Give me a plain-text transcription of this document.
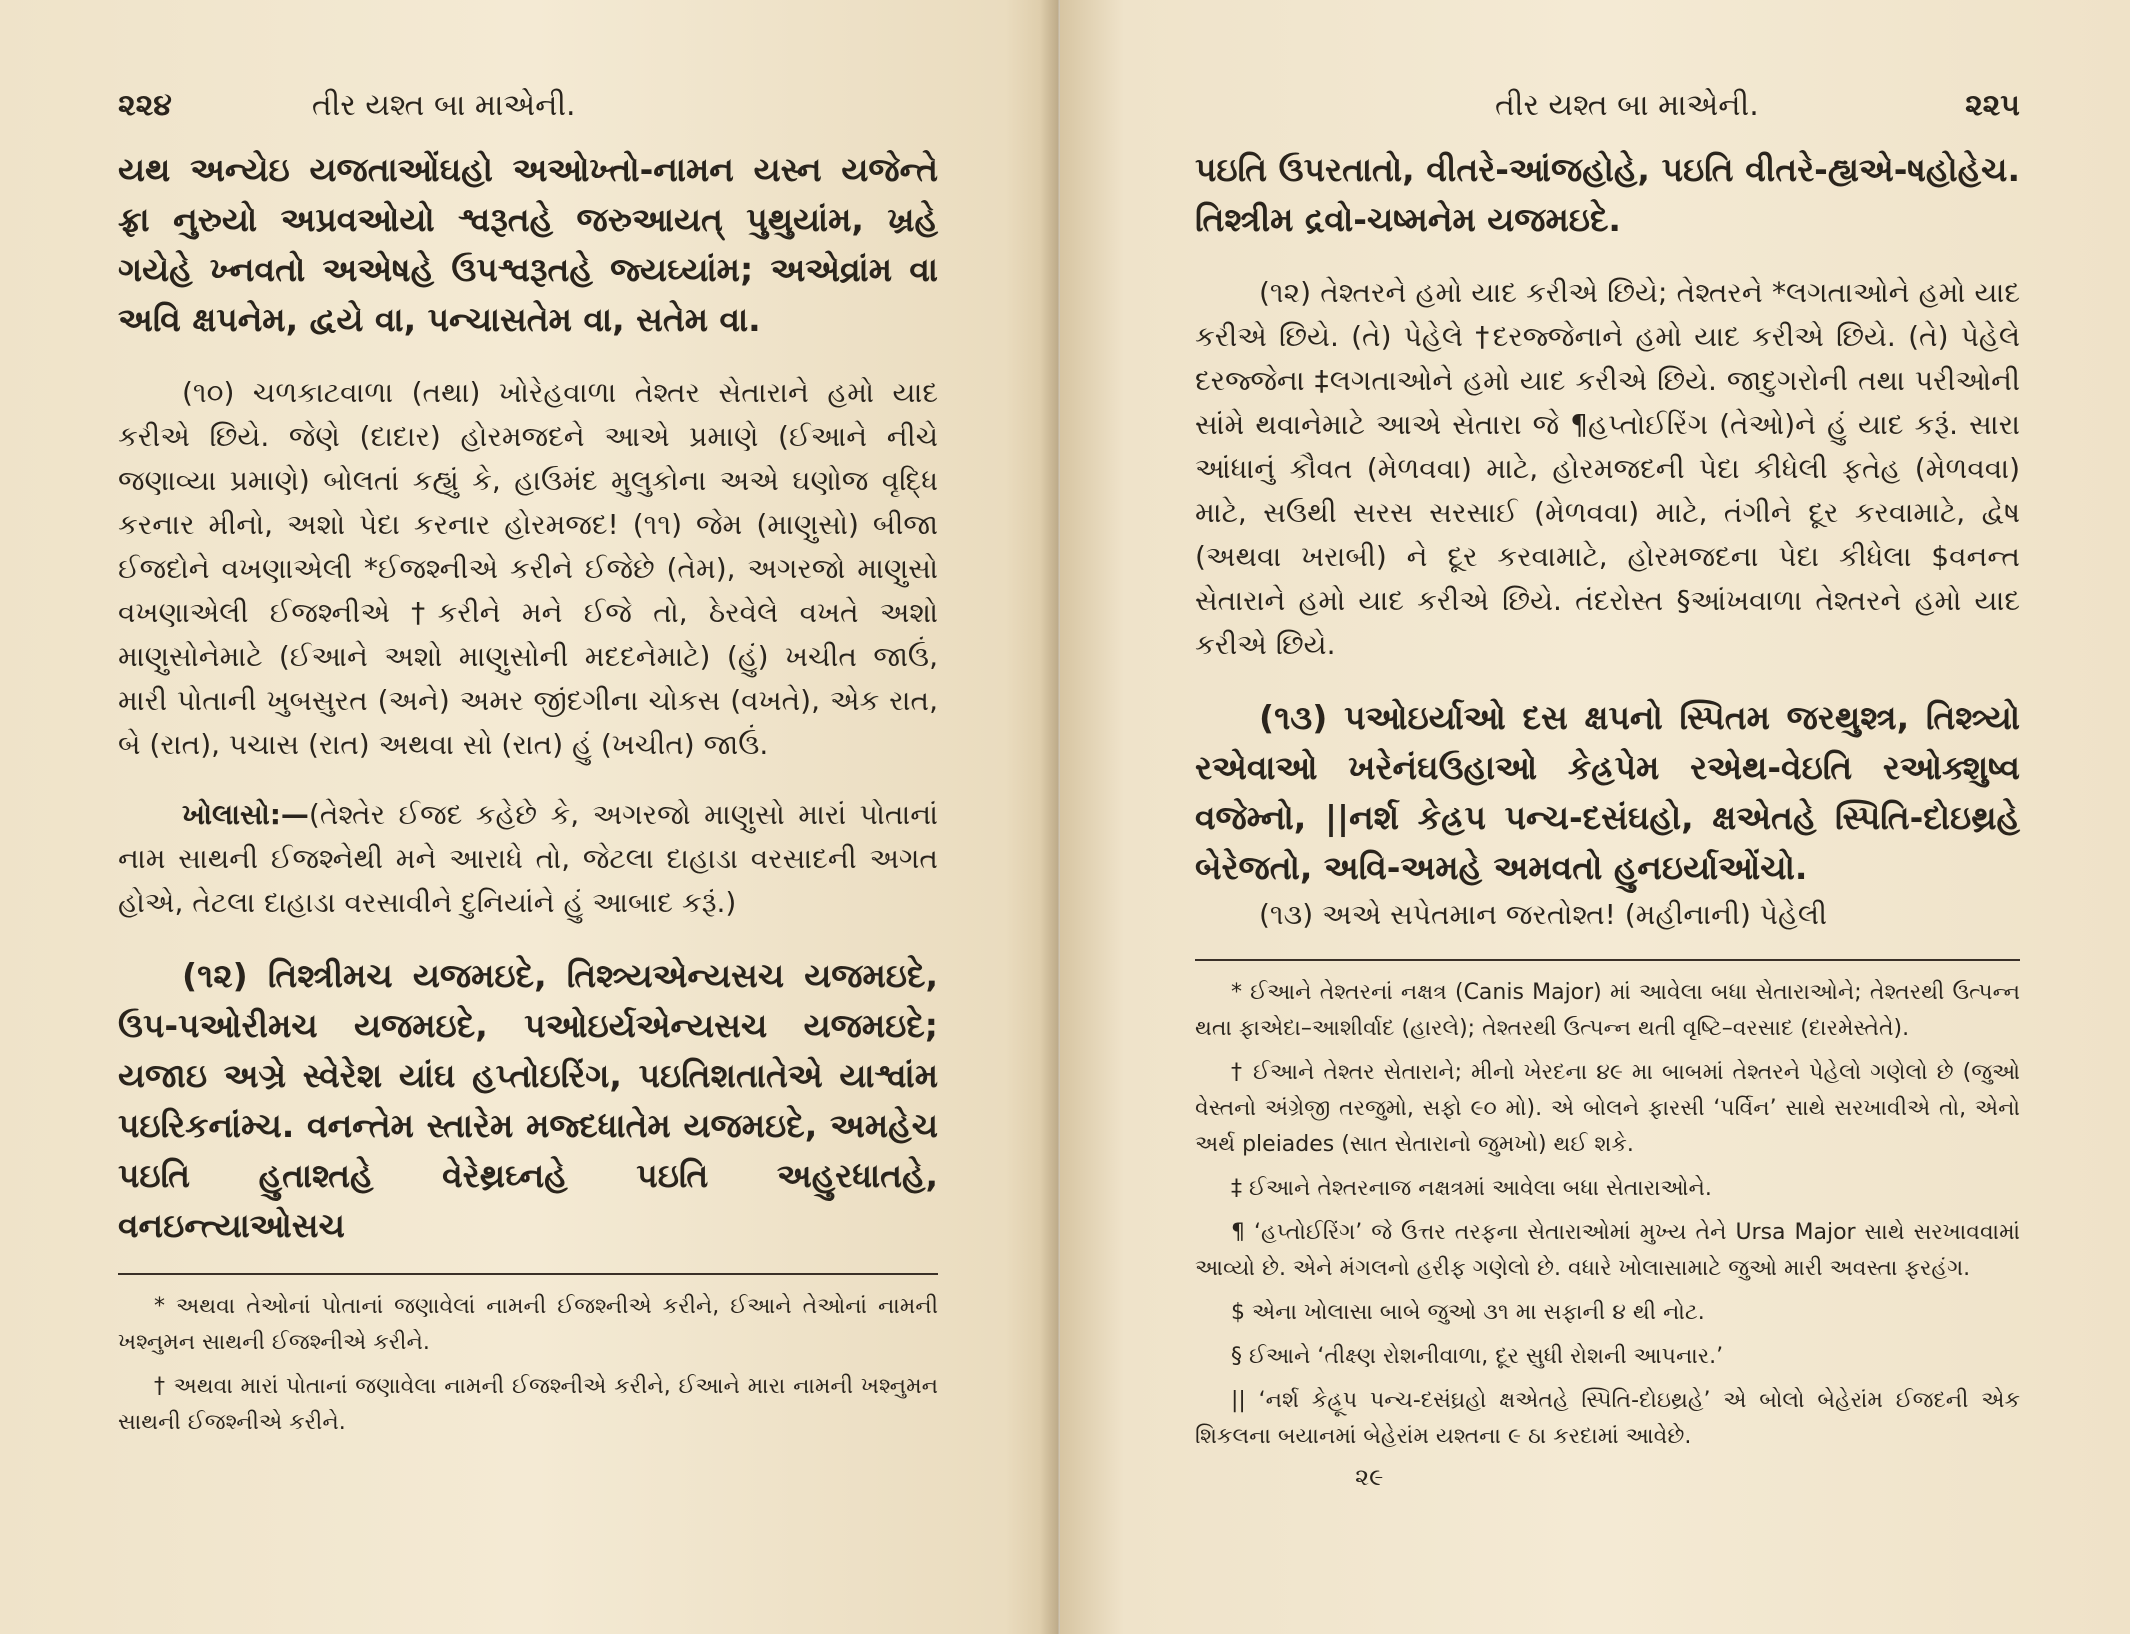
૨૨૪	તીર યશ્ત બા માએની.

યથ અન્યેઇ યજતાઓંઘહો અઓખ્તો-નામન યસ્ન યજેન્તે ફ્રા નુરુયો અપ્રવઓયો શ્વરૂતહે જરુઆયત્ પુથુયાંમ, ખ્રહે ગયેહે ખ્નવતો અએષહે ઉપશ્વરૂતહે જ્યઘ્યાંમ; અએવ્રાંમ વા અવિ ક્ષપનેમ, દ્વયે વા, પન્ચાસતેમ વા, સતેમ વા.

(૧૦) ચળકાટવાળા (તથા) ખોરેહવાળા તેશ્તર સેતારાને હમો યાદ કરીએ છિયે. જેણે (દાદાર) હોરમજદને આએ પ્રમાણે (ઈઆને નીચે જણાવ્યા પ્રમાણે) બોલતાં કહ્યું કે, હાઉમંદ મુલુકોના અએ ઘણોજ વૃદ્ધિ કરનાર મીનો, અશો પેદા કરનાર હોરમજદ! (૧૧) જેમ (માણુસો) બીજા ઈજદોને વખણાએલી *ઈજશ્નીએ કરીને ઈજેછે (તેમ), અગરજો માણુસો વખણાએલી ઈજશ્નીએ †કરીને મને ઈજે તો, ઠેરવેલે વખતે અશો માણુસોનેમાટે (ઈઆને અશો માણુસોની મદદનેમાટે) (હું) ખચીત જાઉં, મારી પોતાની ખુબસુરત (અને) અમર જીંદગીના ચોકસ (વખતે), એક રાત, બે (રાત), પચાસ (રાત) અથવા સો (રાત) હું (ખચીત) જાઉં.

ખોલાસો:—(તેશ્તેર ઈજદ કહેછે કે, અગરજો માણુસો મારાં પોતાનાં નામ સાથની ઈજશ્નેથી મને આરાધે તો, જેટલા દાહાડા વરસાદની અગત હોએ, તેટલા દાહાડા વરસાવીને દુનિયાંને હું આબાદ કરૂં.)

(૧૨) તિશ્ત્રીમચ યજમઇદે, તિશ્ત્ર્યએન્યસચ યજમઇદે, ઉપ-પઓરીમચ યજમઇદે, પઓઇર્યએન્યસચ યજમઇદે; યજાઇ અઞ્રે સ્વેરેશ યાંઘ હપ્તોઇરિંગ, પઇતિશતાતેએ યાશ્વાંમ પઇરિકનાંમ્ચ. વનન્તેમ સ્તારેમ મજ્દધાતેમ યજમઇદે, અમહેચ પઇતિ હુતાશ્તહે વેરેથ્રઘ્નહે પઇતિ અહુરધાતહે, વનઇન્ત્યાઓસચ

* અથવા તેઓનાં પોતાનાં જણાવેલાં નામની ઈજશ્નીએ કરીને, ઈઆને તેઓનાં નામની ખશ્નુમન સાથની ઈજશ્નીએ કરીને.

† અથવા મારાં પોતાનાં જણાવેલા નામની ઈજશ્નીએ કરીને, ઈઆને મારા નામની ખશ્નુમન સાથની ઈજશ્નીએ કરીને.

તીર યશ્ત બા માએની.	૨૨૫

પઇતિ ઉપરતાતો, વીતરે-આંજહોહે, પઇતિ વીતરે-હ્યએ-ષહોહેચ. તિશ્ત્રીમ દ્રવો-ચષ્મનેમ યજમઇદે.

(૧૨) તેશ્તરને હમો યાદ કરીએ છિયે; તેશ્તરને *લગતાઓને હમો યાદ કરીએ છિયે. (તે) પેહેલે †દરજ્જેનાને હમો યાદ કરીએ છિયે. (તે) પેહેલે દરજ્જેના ‡લગતાઓને હમો યાદ કરીએ છિયે. જાદુગરોની તથા પરીઓની સાંમે થવાનેમાટે આએ સેતારા જે ¶હપ્તોઈરિંગ (તેઓ)ને હું યાદ કરૂં. સારા આંધાનું કૌવત (મેળવવા) માટે, હોરમજદની પેદા કીધેલી ફતેહ (મેળવવા) માટે, સઉથી સરસ સરસાઈ (મેળવવા) માટે, તંગીને દૂર કરવામાટે, દ્વેષ (અથવા ખરાબી) ને દૂર કરવામાટે, હોરમજદના પેદા કીધેલા $વનન્ત સેતારાને હમો યાદ કરીએ છિયે. તંદરોસ્ત §આંખવાળા તેશ્તરને હમો યાદ કરીએ છિયે.

(૧૩) પઓઇર્યાઓ દસ ક્ષપનો સ્પિતમ જરથુશ્ત્ર, તિશ્ત્ર્યો રએવાઓ ખરેનંઘઉહાઓ કેહ્રપેમ રએથ-વેઇતિ રઓક્શુષ્વ વજેમ્નો, ||નર્શ કેહ્રપ પન્ચ-દસંઘહો, ક્ષએતહે સ્પિતિ-દોઇથ્રહે બેરેજતો, અવિ-અમહે અમવતો હુનઇર્યાઓંચો.

(૧૩) અએ સપેતમાન જરતોશ્ત! (મહીનાની) પેહેલી

* ઈઆને તેશ્તરનાં નક્ષત્ર (Canis Major) માં આવેલા બધા સેતારાઓને; તેશ્તરથી ઉત્પન્ન થતા ફાએદા–આશીર્વાદ (હારલે); તેશ્તરથી ઉત્પન્ન થતી વૃષ્ટિ–વરસાદ (દારમેસ્તેતે).

† ઈઆને તેશ્તર સેતારાને; મીનો ખેરદના ૪૯ મા બાબમાં તેશ્તરને પેહેલો ગણેલો છે (જુઓ વેસ્તનો અંગ્રેજી તરજુમો, સફો ૯૦ મો). એ બોલને ફારસી ‘પર્વિન’ સાથે સરખાવીએ તો, એનો અર્થ pleiades (સાત સેતારાનો જુમખો) થઈ શકે.

‡ ઈઆને તેશ્તરનાજ નક્ષત્રમાં આવેલા બધા સેતારાઓને.

¶ ‘હપ્તોઈરિંગ’ જે ઉત્તર તરફના સેતારાઓમાં મુખ્ય તેને Ursa Major સાથે સરખાવવામાં આવ્યો છે. એને મંગલનો હરીફ ગણેલો છે. વધારે ખોલાસામાટે જુઓ મારી અવસ્તા ફરહંગ.

$ એના ખોલાસા બાબે જુઓ ૩૧ મા સફાની ૪ થી નોટ.

§ ઈઆને ‘તીક્ષ્ણ રોશનીવાળા, દૂર સુધી રોશની આપનાર.’

|| ‘નર્શ કેહ્રૂપ પન્ચ-દસંઘ્રહો ક્ષએતહે સ્પિતિ-દોઇથ્રહે’ એ બોલો બેહેરાંમ ઈજદની એક શિકલના બયાનમાં બેહેરાંમ યશ્તના ૯ ઠા કરદામાં આવેછે.

૨૯
